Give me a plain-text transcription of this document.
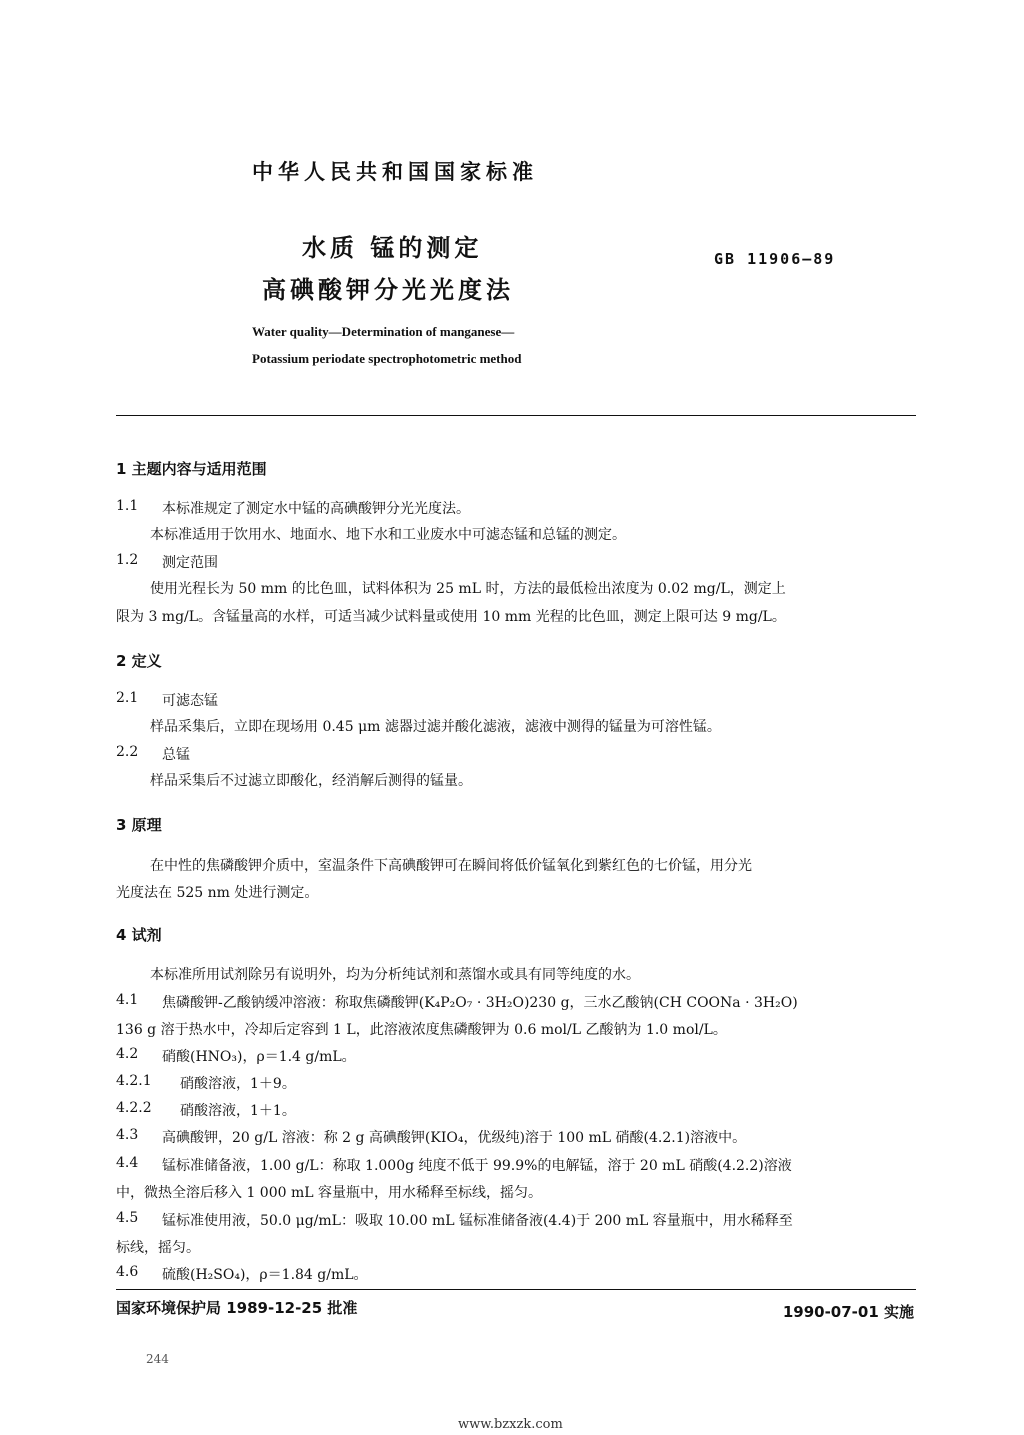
中华人民共和国国家标准
水质 锰的测定
高碘酸钾分光光度法
GB 11906—89
Water quality—Determination of manganese—
Potassium periodate spectrophotometric method
1 主题内容与适用范围
1.1 本标准规定了测定水中锰的高碘酸钾分光光度法。
本标准适用于饮用水、地面水、地下水和工业废水中可滤态锰和总锰的测定。
1.2 测定范围
使用光程长为 50 mm 的比色皿，试料体积为 25 mL 时，方法的最低检出浓度为 0.02 mg/L，测定上
限为 3 mg/L。含锰量高的水样，可适当减少试料量或使用 10 mm 光程的比色皿，测定上限可达 9 mg/L。
2 定义
2.1 可滤态锰
样品采集后，立即在现场用 0.45 μm 滤器过滤并酸化滤液，滤液中测得的锰量为可溶性锰。
2.2 总锰
样品采集后不过滤立即酸化，经消解后测得的锰量。
3 原理
在中性的焦磷酸钾介质中，室温条件下高碘酸钾可在瞬间将低价锰氧化到紫红色的七价锰，用分光
光度法在 525 nm 处进行测定。
4 试剂
本标准所用试剂除另有说明外，均为分析纯试剂和蒸馏水或具有同等纯度的水。
4.1 焦磷酸钾-乙酸钠缓冲溶液：称取焦磷酸钾(K₄P₂O₇ · 3H₂O)230 g，三水乙酸钠(CH COONa · 3H₂O)
136 g 溶于热水中，冷却后定容到 1 L，此溶液浓度焦磷酸钾为 0.6 mol/L 乙酸钠为 1.0 mol/L。
4.2 硝酸(HNO₃)，ρ＝1.4 g/mL。
4.2.1 硝酸溶液，1＋9。
4.2.2 硝酸溶液，1＋1。
4.3 高碘酸钾，20 g/L 溶液：称 2 g 高碘酸钾(KIO₄，优级纯)溶于 100 mL 硝酸(4.2.1)溶液中。
4.4 锰标准储备液，1.00 g/L：称取 1.000g 纯度不低于 99.9%的电解锰，溶于 20 mL 硝酸(4.2.2)溶液
中，微热全溶后移入 1 000 mL 容量瓶中，用水稀释至标线，摇匀。
4.5 锰标准使用液，50.0 μg/mL：吸取 10.00 mL 锰标准储备液(4.4)于 200 mL 容量瓶中，用水稀释至
标线，摇匀。
4.6 硫酸(H₂SO₄)，ρ＝1.84 g/mL。
国家环境保护局 1989-12-25 批准	1990-07-01 实施
244
www.bzxzk.com
